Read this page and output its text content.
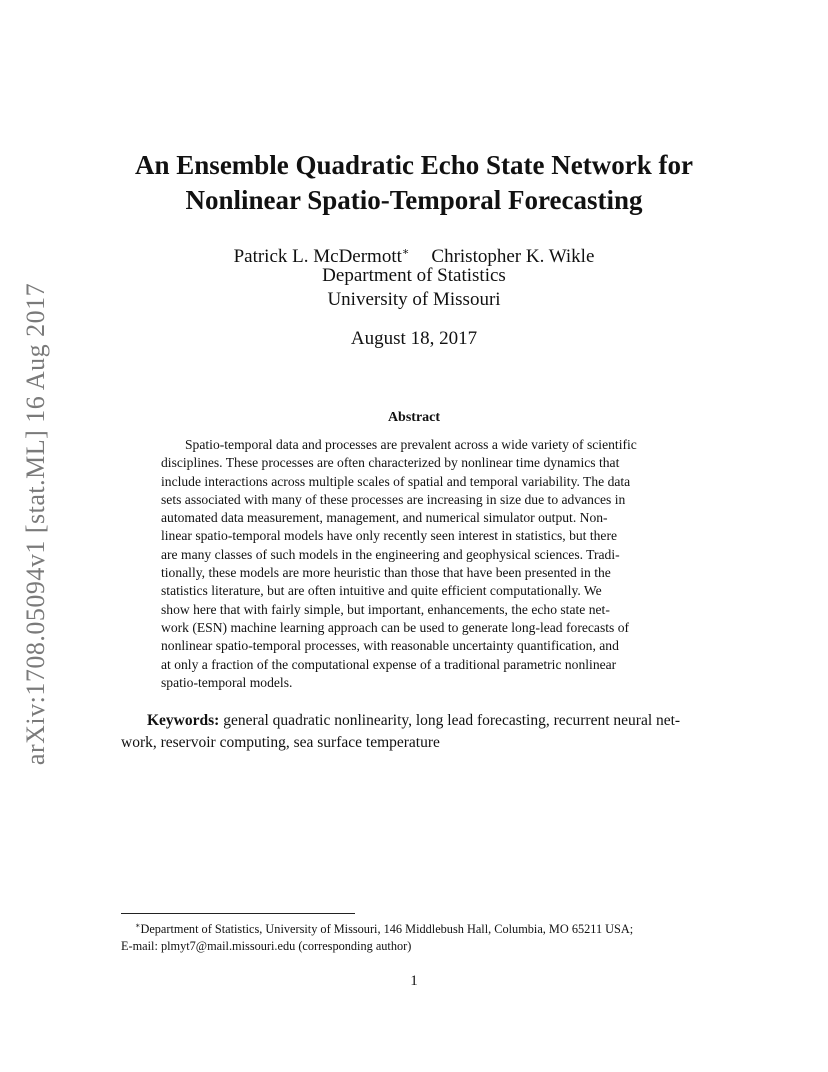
arXiv:1708.05094v1 [stat.ML] 16 Aug 2017
An Ensemble Quadratic Echo State Network for
Nonlinear Spatio-Temporal Forecasting
Patrick L. McDermott∗ Christopher K. Wikle
Department of Statistics
University of Missouri
August 18, 2017
Abstract
Spatio-temporal data and processes are prevalent across a wide variety of scientific
disciplines. These processes are often characterized by nonlinear time dynamics that
include interactions across multiple scales of spatial and temporal variability. The data
sets associated with many of these processes are increasing in size due to advances in
automated data measurement, management, and numerical simulator output. Non-
linear spatio-temporal models have only recently seen interest in statistics, but there
are many classes of such models in the engineering and geophysical sciences. Tradi-
tionally, these models are more heuristic than those that have been presented in the
statistics literature, but are often intuitive and quite efficient computationally. We
show here that with fairly simple, but important, enhancements, the echo state net-
work (ESN) machine learning approach can be used to generate long-lead forecasts of
nonlinear spatio-temporal processes, with reasonable uncertainty quantification, and
at only a fraction of the computational expense of a traditional parametric nonlinear
spatio-temporal models.
Keywords: general quadratic nonlinearity, long lead forecasting, recurrent neural net-
work, reservoir computing, sea surface temperature
∗Department of Statistics, University of Missouri, 146 Middlebush Hall, Columbia, MO 65211 USA;
E-mail: plmyt7@mail.missouri.edu (corresponding author)
1
